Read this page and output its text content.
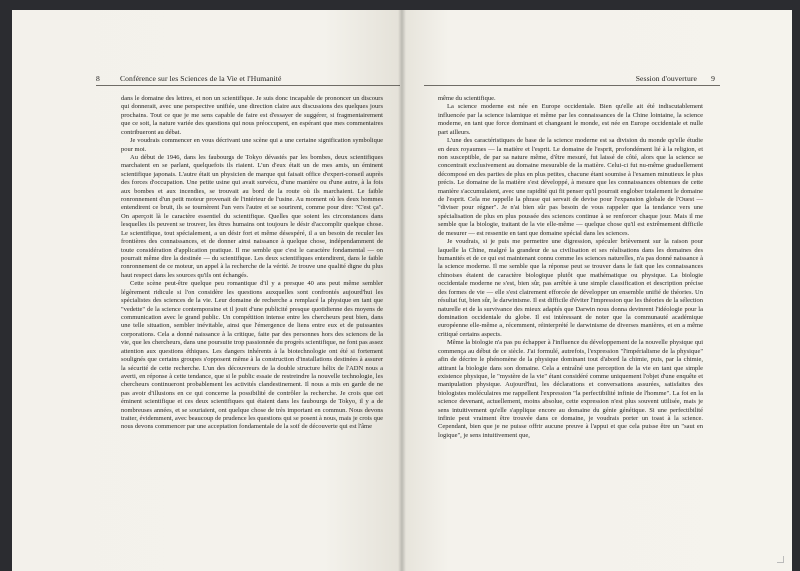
8	Conférence sur les Sciences de la Vie et l'Humanité

dans le domaine des lettres, et non un scientifique. Je suis donc incapable de prononcer un discours qui donnerait, avec une perspective unifiée, une direction claire aux discussions des quelques jours prochains. Tout ce que je me sens capable de faire est d'essayer de suggérer, si fragmentairement que ce soit, la nature variée des questions qui nous préoccupent, en espérant que mes commentaires contribueront au débat.

Je voudrais commencer en vous décrivant une scène qui a une certaine signification symbolique pour moi.

Au début de 1946, dans les faubourgs de Tokyo dévastés par les bombes, deux scientifiques marchaient en se parlant, quelquefois ils riaient. L'un d'eux était un de mes amis, un éminent scientifique japonais. L'autre était un physicien de marque qui faisait office d'expert-conseil auprès des forces d'occupation. Une petite usine qui avait survécu, d'une manière ou d'une autre, à la fois aux bombes et aux incendies, se trouvait au bord de la route où ils marchaient. Le faible ronronnement d'un petit moteur provenait de l'intérieur de l'usine. Au moment où les deux hommes entendirent ce bruit, ils se tournèrent l'un vers l'autre et se sourirent, comme pour dire: "C'est ça". On aperçoit là le caractère essentiel du scientifique. Quelles que soient les circonstances dans lesquelles ils peuvent se trouver, les êtres humains ont toujours le désir d'accomplir quelque chose. Le scientifique, tout spécialement, a un désir fort et même désespéré, il a un besoin de reculer les frontières des connaissances, et de donner ainsi naissance à quelque chose, indépendamment de toute considération d'application pratique. Il me semble que c'est le caractère fondamental — on pourrait même dire la destinée — du scientifique. Les deux scientifiques entendirent, dans le faible ronronnement de ce moteur, un appel à la recherche de la vérité. Je trouve une qualité digne du plus haut respect dans les sources qu'ils ont échangés.

Cette scène peut-être quelque peu romantique d'il y a presque 40 ans peut même sembler légèrement ridicule si l'on considère les questions auxquelles sont confrontés aujourd'hui les spécialistes des sciences de la vie. Leur domaine de recherche a remplacé la physique en tant que "vedette" de la science contemporaine et il jouit d'une publicité presque quotidienne des moyens de communication avec le grand public. Un compétition intense entre les chercheurs peut bien, dans une telle situation, sembler inévitable, ainsi que l'émergence de liens entre eux et de puissantes corporations. Cela a donné naissance à la critique, faite par des personnes hors des sciences de la vie, que les chercheurs, dans une poursuite trop passionnée du progrès scientifique, ne font pas assez attention aux questions éthiques. Les dangers inhérents à la biotechnologie ont été si fortement soulignés que certains groupes s'opposent même à la construction d'installations destinées à assurer la sécurité de cette recherche. L'un des découvreurs de la double structure hélix de l'ADN nous a averti, en réponse à cette tendance, que si le public essaie de restreindre la nouvelle technologie, les chercheurs continueront probablement les activités clandestinement. Il nous a mis en garde de ne pas avoir d'illusions en ce qui concerne la possibilité de contrôler la recherche. Je crois que cet éminent scientifique et ces deux scientifiques qui étaient dans les faubourgs de Tokyo, il y a de nombreuses années, et se souriaient, ont quelque chose de très important en commun. Nous devons traiter, évidemment, avec beaucoup de prudence les questions qui se posent à nous, mais je crois que nous devons commencer par une acceptation fondamentale de la soif de découverte qui est l'âme

Session d'ouverture 9

même du scientifique.

La science moderne est née en Europe occidentale. Bien qu'elle ait été indiscutablement influencée par la science islamique et même par les connaissances de la Chine lointaine, la science moderne, en tant que force dominant et changeant le monde, est née en Europe occidentale et nulle part ailleurs.

L'une des caractéristiques de base de la science moderne est sa division du monde qu'elle étudie en deux royaumes — la matière et l'esprit. Le domaine de l'esprit, profondément lié à la religion, et non susceptible, de par sa nature même, d'être mesuré, fut laissé de côté, alors que la science se concentrait exclusivement au domaine mesurable de la matière. Celui-ci fut nu-même graduellement décomposé en des parties de plus en plus petites, chacune étant soumise à l'examen minutieux le plus précis. Le domaine de la matière s'est développé, à mesure que les connaissances obtenues de cette manière s'accumulaient, avec une rapidité qui fit penser qu'il pourrait englober totalement le domaine de l'esprit. Cela me rappelle la phrase qui servait de devise pour l'expansion globale de l'Ouest — "diviser pour régner". Je n'ai bien sûr pas besoin de vous rappeler que la tendance vers une spécialisation de plus en plus poussée des sciences continue à se renforcer chaque jour. Mais il me semble que la biologie, traitant de la vie elle-même — quelque chose qu'il est extrêmement difficile de mesurer — est ressentie en tant que domaine spécial dans les sciences.

Je voudrais, si je puis me permettre une digression, spéculer brièvement sur la raison pour laquelle la Chine, malgré la grandeur de sa civilisation et ses réalisations dans les domaines des humanités et de ce qui est maintenant connu comme les sciences naturelles, n'a pas donné naissance à la science moderne. Il me semble que la réponse peut se trouver dans le fait que les connaissances chinoises étaient de caractère biologique plutôt que mathématique ou physique. La biologie occidentale moderne ne s'est, bien sûr, pas arrêtée à une simple classification et description précise des formes de vie — elle s'est clairement efforcée de développer un ensemble unifié de théories. Un résultat fut, bien sûr, le darwinisme. Il est difficile d'éviter l'impression que les théories de la sélection naturelle et de la survivance des mieux adaptés que Darwin nous donna devinrent l'idéologie pour la domination occidentale du globe. Il est intéressant de noter que la communauté académique européenne elle-même a, récemment, réinterprété le darwinisme de diverses manières, et en a même critiqué certains aspects.

Même la biologie n'a pas pu échapper à l'influence du développement de la nouvelle physique qui commença au début de ce siècle. J'ai formulé, autrefois, l'expression "l'impérialisme de la physique" afin de décrire le phénomène de la physique dominant tout d'abord la chimie, puis, par la chimie, attirant la biologie dans son domaine. Cela a entraîné une perception de la vie en tant que simple existence physique, le "mystère de la vie" étant considéré comme uniquement l'objet d'une enquête et manipulation physique. Aujourd'hui, les déclarations et conversations assurées, satisfaites des biologistes moléculaires me rappellent l'expression "la perfectibilité infinie de l'homme". La foi en la science devenant, actuellement, moins absolue, cette expression n'est plus souvent utilisée, mais je sens intuitivement qu'elle s'applique encore au domaine du génie génétique. Si une perfectibilité infinie peut vraiment être trouvée dans ce domaine, je voudrais porter un toast à la science. Cependant, bien que je ne puisse offrir aucune preuve à l'appui et que cela puisse être un "saut en logique", je sens intuitivement que,
